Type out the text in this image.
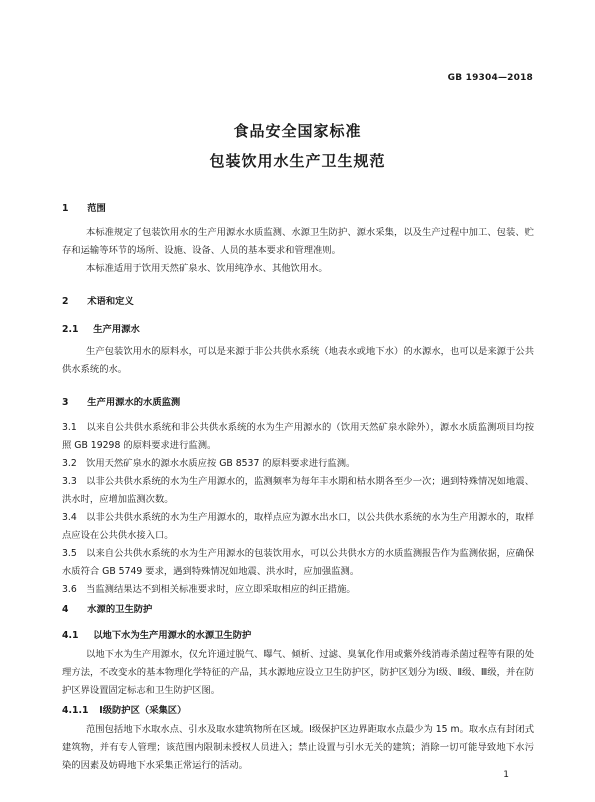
GB 19304—2018
食品安全国家标准
包装饮用水生产卫生规范
1 范围
本标准规定了包装饮用水的生产用源水水质监测、水源卫生防护、源水采集，以及生产过程中加工、包装、贮存和运输等环节的场所、设施、设备、人员的基本要求和管理准则。
本标准适用于饮用天然矿泉水、饮用纯净水、其他饮用水。
2 术语和定义
2.1 生产用源水
生产包装饮用水的原料水，可以是来源于非公共供水系统（地表水或地下水）的水源水，也可以是来源于公共供水系统的水。
3 生产用源水的水质监测
3.1　以来自公共供水系统和非公共供水系统的水为生产用源水的（饮用天然矿泉水除外），源水水质监测项目均按照 GB 19298 的原料要求进行监测。
3.2　饮用天然矿泉水的源水水质应按 GB 8537 的原料要求进行监测。
3.3　以非公共供水系统的水为生产用源水的，监测频率为每年丰水期和枯水期各至少一次；遇到特殊情况如地震、洪水时，应增加监测次数。
3.4　以非公共供水系统的水为生产用源水的，取样点应为源水出水口，以公共供水系统的水为生产用源水的，取样点应设在公共供水接入口。
3.5　以来自公共供水系统的水为生产用源水的包装饮用水，可以公共供水方的水质监测报告作为监测依据，应确保水质符合 GB 5749 要求，遇到特殊情况如地震、洪水时，应加强监测。
3.6　当监测结果达不到相关标准要求时，应立即采取相应的纠正措施。
4 水源的卫生防护
4.1 以地下水为生产用源水的水源卫生防护
以地下水为生产用源水，仅允许通过脱气、曝气、倾析、过滤、臭氧化作用或紫外线消毒杀菌过程等有限的处理方法，不改变水的基本物理化学特征的产品，其水源地应设立卫生防护区，防护区划分为Ⅰ级、Ⅱ级、Ⅲ级，并在防护区界设置固定标志和卫生防护区图。
4.1.1 Ⅰ级防护区（采集区）
范围包括地下水取水点、引水及取水建筑物所在区域。Ⅰ级保护区边界距取水点最少为 15 m。取水点有封闭式建筑物，并有专人管理；该范围内限制未授权人员进入；禁止设置与引水无关的建筑；消除一切可能导致地下水污染的因素及妨碍地下水采集正常运行的活动。
1
